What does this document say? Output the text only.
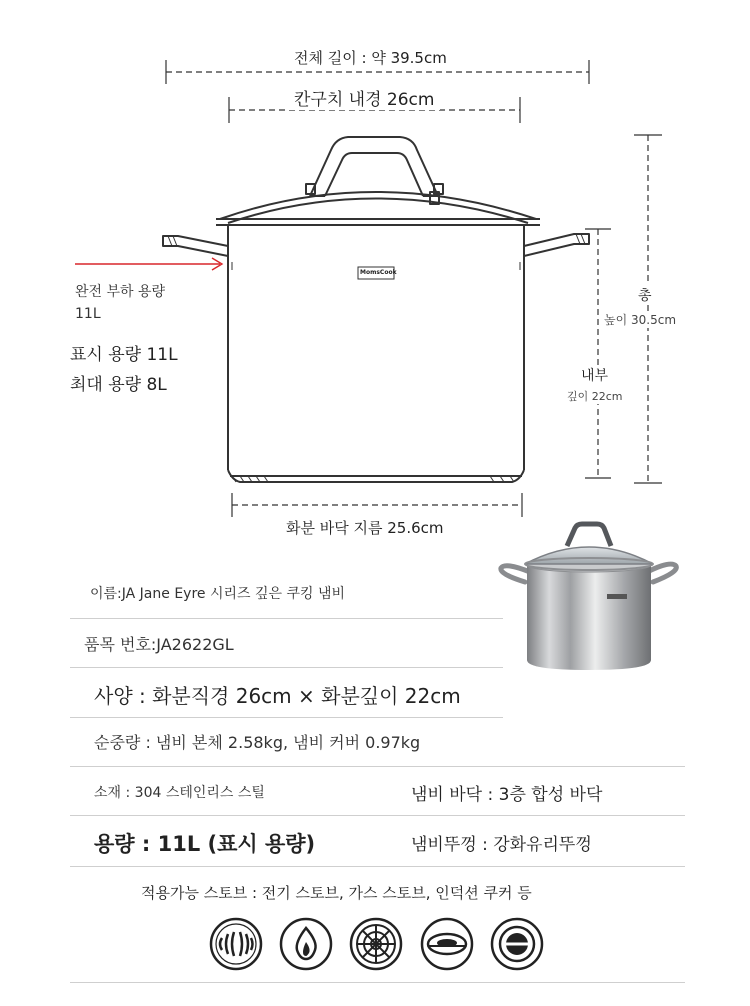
전체 길이 : 약 39.5cm
칸구치 내경 26cm
화분 바닥 지름 25.6cm
총
높이 30.5cm
내부
깊이 22cm
MomsCook
완전 부하 용량
11L
표시 용량 11L
최대 용량 8L
이름:JA Jane Eyre 시리즈 깊은 쿠킹 냄비
품목 번호:JA2622GL
사양 : 화분직경 26cm × 화분깊이 22cm
순중량 : 냄비 본체 2.58kg, 냄비 커버 0.97kg
소재 : 304 스테인리스 스틸	냄비 바닥 : 3층 합성 바닥
용량 : 11L (표시 용량)	냄비뚜껑 : 강화유리뚜껑
적용가능 스토브 : 전기 스토브, 가스 스토브, 인덕션 쿠커 등
